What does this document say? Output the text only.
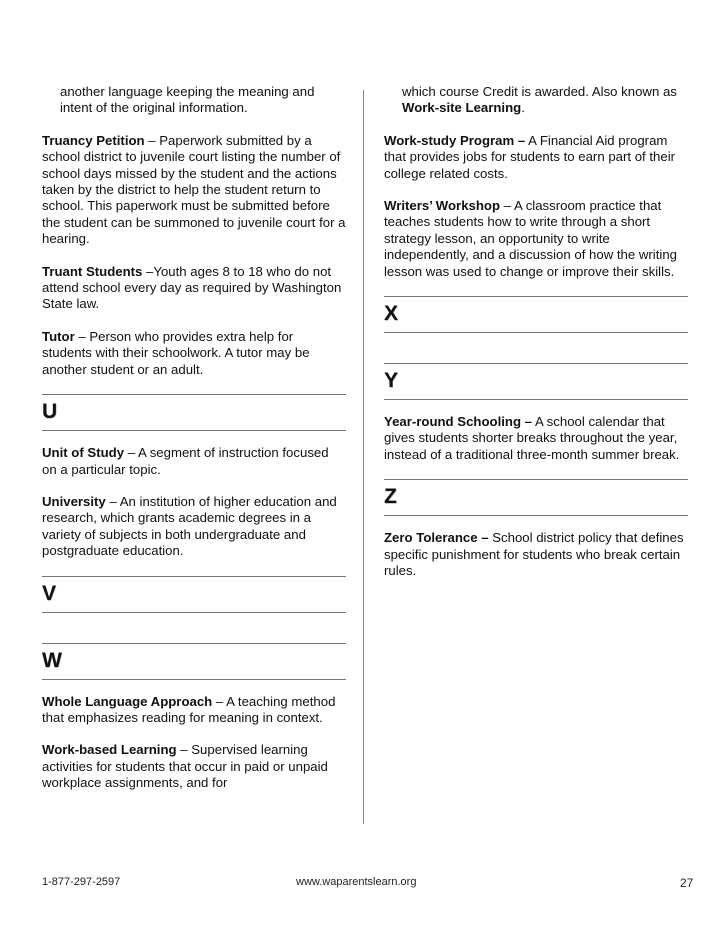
another language keeping the meaning and intent of the original information.
Truancy Petition – Paperwork submitted by a school district to juvenile court listing the number of school days missed by the student and the actions taken by the district to help the student return to school. This paperwork must be submitted before the student can be summoned to juvenile court for a hearing.
Truant Students –Youth ages 8 to 18 who do not attend school every day as required by Washington State law.
Tutor – Person who provides extra help for students with their schoolwork. A tutor may be another student or an adult.
U
Unit of Study – A segment of instruction focused on a particular topic.
University – An institution of higher education and research, which grants academic degrees in a variety of subjects in both undergraduate and postgraduate education.
V
W
Whole Language Approach – A teaching method that emphasizes reading for meaning in context.
Work-based Learning – Supervised learning activities for students that occur in paid or unpaid workplace assignments, and for
which course Credit is awarded. Also known as Work-site Learning.
Work-study Program – A Financial Aid program that provides jobs for students to earn part of their college related costs.
Writers’ Workshop – A classroom practice that teaches students how to write through a short strategy lesson, an opportunity to write independently, and a discussion of how the writing lesson was used to change or improve their skills.
X
Y
Year-round Schooling – A school calendar that gives students shorter breaks throughout the year, instead of a traditional three-month summer break.
Z
Zero Tolerance – School district policy that defines specific punishment for students who break certain rules.
1-877-297-2597	www.waparentslearn.org	27
